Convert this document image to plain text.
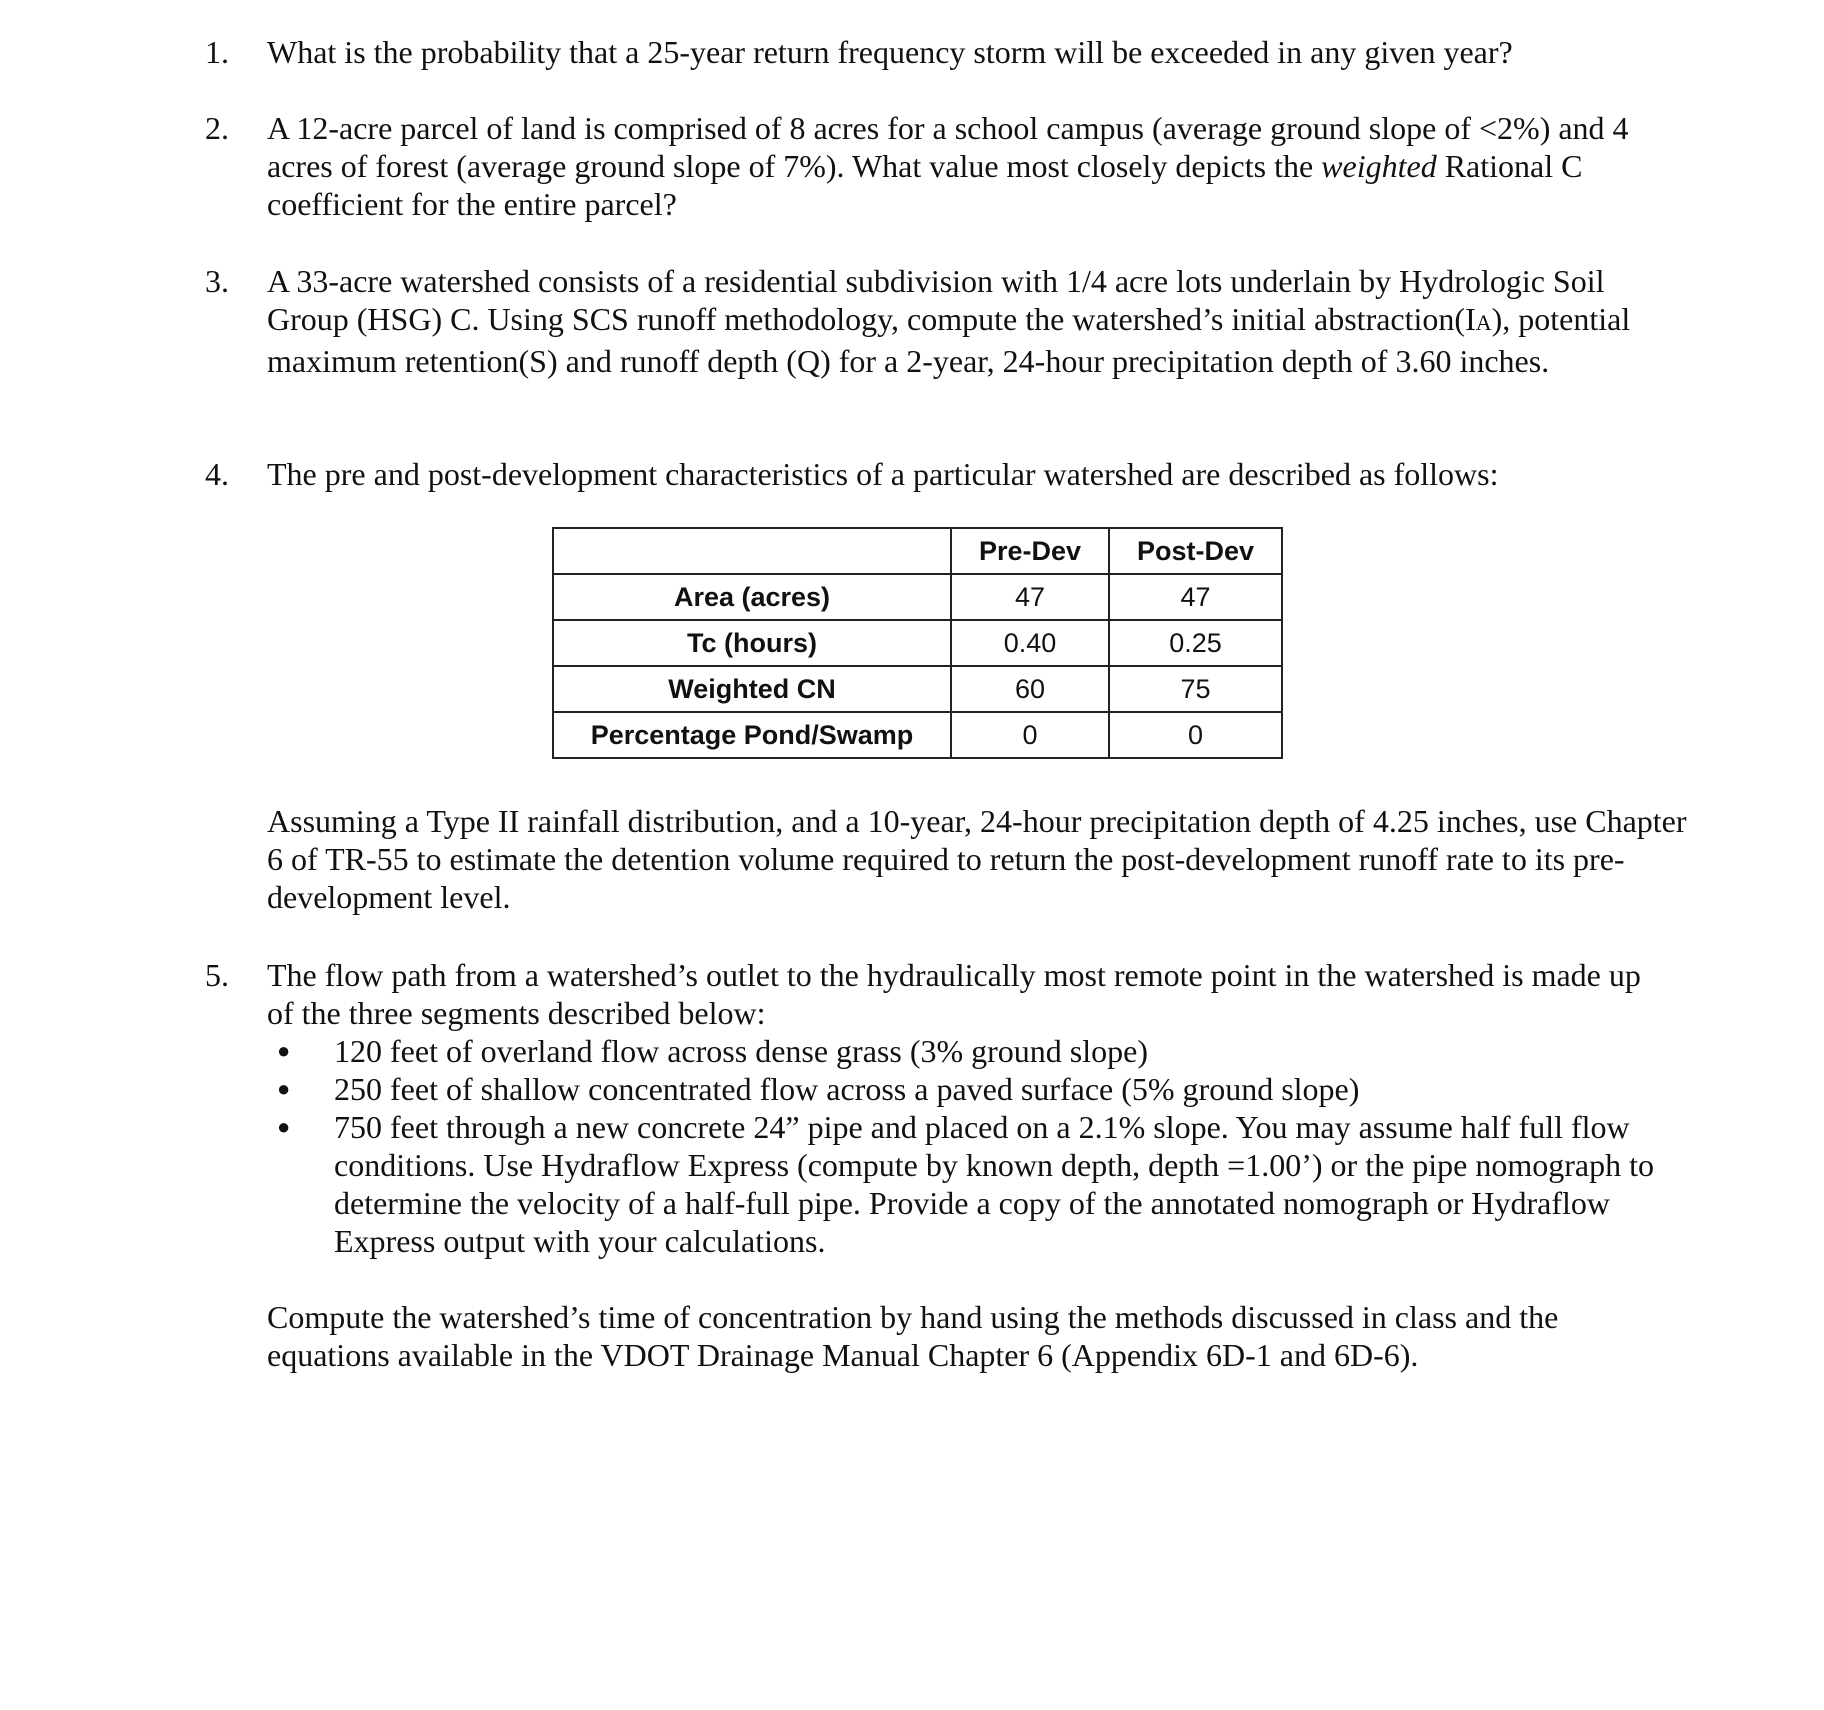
1.	What is the probability that a 25-year return frequency storm will be exceeded in any given year?
2.	A 12-acre parcel of land is comprised of 8 acres for a school campus (average ground slope of <2%) and 4 acres of forest (average ground slope of 7%). What value most closely depicts the weighted Rational C coefficient for the entire parcel?
3.	A 33-acre watershed consists of a residential subdivision with 1/4 acre lots underlain by Hydrologic Soil Group (HSG) C. Using SCS runoff methodology, compute the watershed’s initial abstraction(IA), potential maximum retention(S) and runoff depth (Q) for a 2-year, 24-hour precipitation depth of 3.60 inches.
4.	The pre and post-development characteristics of a particular watershed are described as follows:
	Pre-Dev	Post-Dev
Area (acres)	47	47
Tc (hours)	0.40	0.25
Weighted CN	60	75
Percentage Pond/Swamp	0	0
Assuming a Type II rainfall distribution, and a 10-year, 24-hour precipitation depth of 4.25 inches, use Chapter 6 of TR-55 to estimate the detention volume required to return the post-development runoff rate to its pre-development level.
5.	The flow path from a watershed’s outlet to the hydraulically most remote point in the watershed is made up of the three segments described below:
● 120 feet of overland flow across dense grass (3% ground slope)
● 250 feet of shallow concentrated flow across a paved surface (5% ground slope)
● 750 feet through a new concrete 24” pipe and placed on a 2.1% slope. You may assume half full flow conditions. Use Hydraflow Express (compute by known depth, depth =1.00’) or the pipe nomograph to determine the velocity of a half-full pipe. Provide a copy of the annotated nomograph or Hydraflow Express output with your calculations.
Compute the watershed’s time of concentration by hand using the methods discussed in class and the equations available in the VDOT Drainage Manual Chapter 6 (Appendix 6D-1 and 6D-6).
